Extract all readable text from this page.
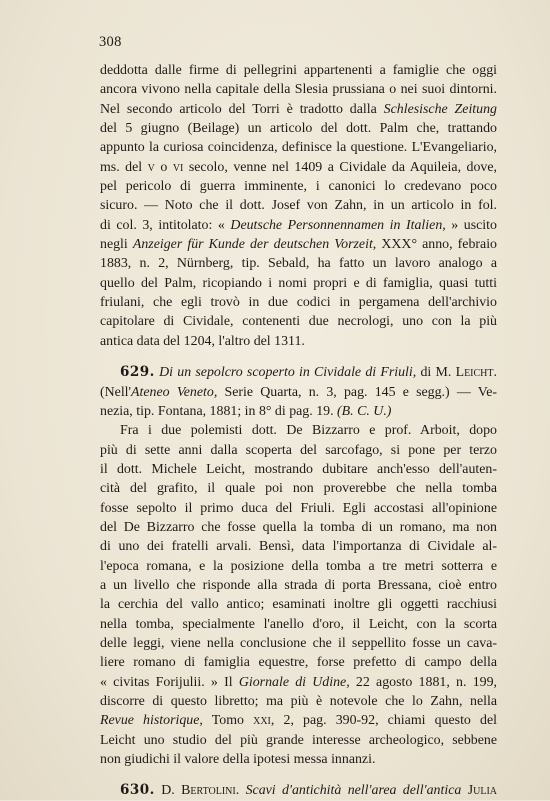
308
deddotta dalle firme di pellegrini appartenenti a famiglie che oggi
ancora vivono nella capitale della Slesia prussiana o nei suoi dintorni.
Nel secondo articolo del Torri è tradotto dalla Schlesische Zeitung
del 5 giugno (Beilage) un articolo del dott. Palm che, trattando
appunto la curiosa coincidenza, definisce la questione. L'Evangeliario,
ms. del v o vi secolo, venne nel 1409 a Cividale da Aquileia, dove,
pel pericolo di guerra imminente, i canonici lo credevano poco
sicuro. — Noto che il dott. Josef von Zahn, in un articolo in fol.
di col. 3, intitolato: « Deutsche Personnennamen in Italien, » uscito
negli Anzeiger für Kunde der deutschen Vorzeit, XXX° anno, febraio
1883, n. 2, Nürnberg, tip. Sebald, ha fatto un lavoro analogo a
quello del Palm, ricopiando i nomi propri e di famiglia, quasi tutti
friulani, che egli trovò in due codici in pergamena dell'archivio
capitolare di Cividale, contenenti due necrologi, uno con la più
antica data del 1204, l'altro del 1311.
629. Di un sepolcro scoperto in Cividale di Friuli, di M. Leicht.
(Nell'Ateneo Veneto, Serie Quarta, n. 3, pag. 145 e segg.) — Ve-
nezia, tip. Fontana, 1881; in 8° di pag. 19. (B. C. U.)
Fra i due polemisti dott. De Bizzarro e prof. Arboit, dopo
più di sette anni dalla scoperta del sarcofago, si pone per terzo
il dott. Michele Leicht, mostrando dubitare anch'esso dell'auten-
cità del grafito, il quale poi non proverebbe che nella tomba
fosse sepolto il primo duca del Friuli. Egli accostasi all'opinione
del De Bizzarro che fosse quella la tomba di un romano, ma non
di uno dei fratelli arvali. Bensì, data l'importanza di Cividale al-
l'epoca romana, e la posizione della tomba a tre metri sotterra e
a un livello che risponde alla strada di porta Bressana, cioè entro
la cerchia del vallo antico; esaminati inoltre gli oggetti racchiusi
nella tomba, specialmente l'anello d'oro, il Leicht, con la scorta
delle leggi, viene nella conclusione che il seppellito fosse un cava-
liere romano di famiglia equestre, forse prefetto di campo della
« civitas Forijulii. » Il Giornale di Udine, 22 agosto 1881, n. 199,
discorre di questo libretto; ma più è notevole che lo Zahn, nella
Revue historique, Tomo xxi, 2, pag. 390-92, chiami questo del
Leicht uno studio del più grande interesse archeologico, sebbene
non giudichi il valore della ipotesi messa innanzi.
630. D. Bertolini. Scavi d'antichità nell'area dell'antica Julia
